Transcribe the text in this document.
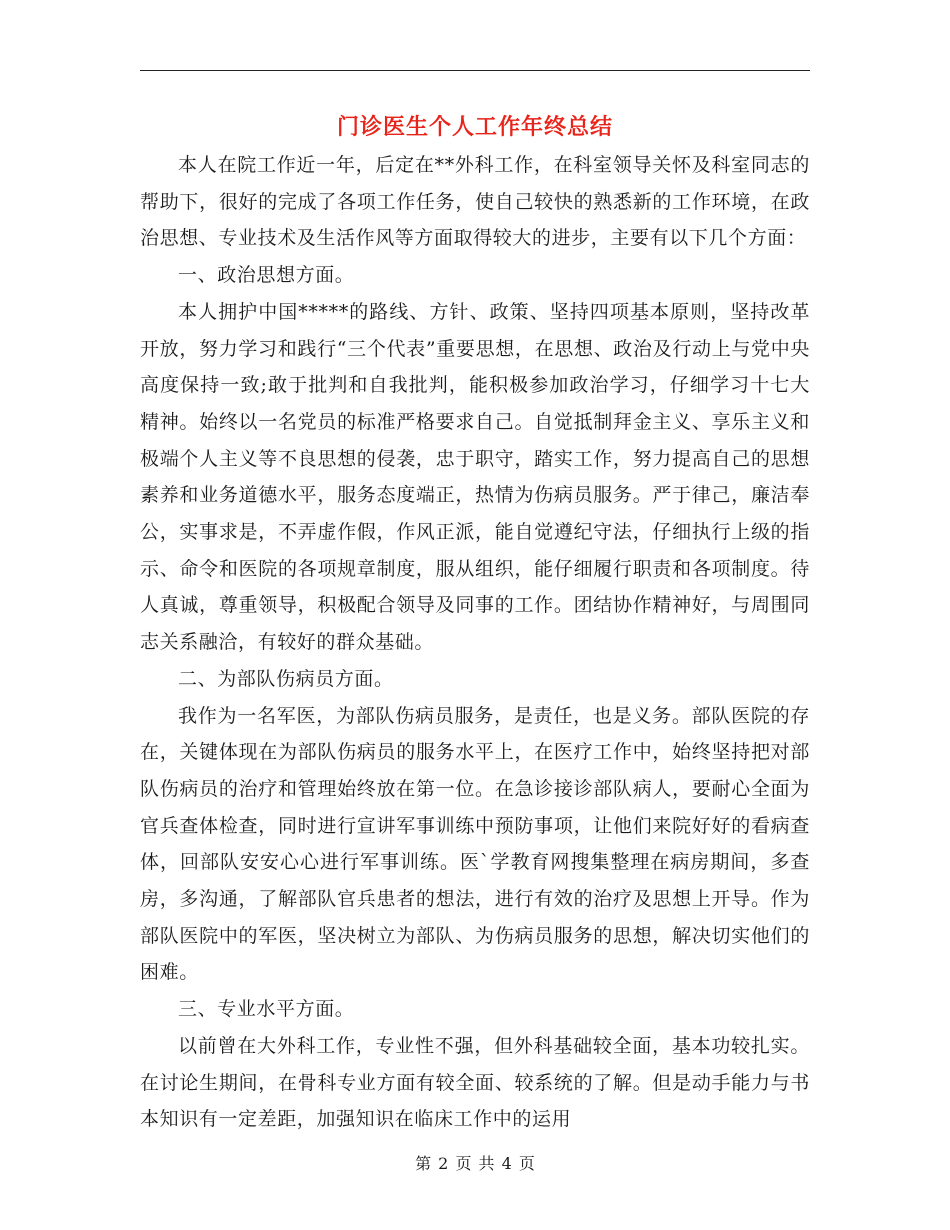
门诊医生个人工作年终总结

本人在院工作近一年，后定在**外科工作，在科室领导关怀及科室同志的帮助下，很好的完成了各项工作任务，使自己较快的熟悉新的工作环境，在政治思想、专业技术及生活作风等方面取得较大的进步，主要有以下几个方面：

一、政治思想方面。

本人拥护中国*****的路线、方针、政策、坚持四项基本原则，坚持改革开放，努力学习和践行“三个代表”重要思想，在思想、政治及行动上与党中央高度保持一致;敢于批判和自我批判，能积极参加政治学习，仔细学习十七大精神。始终以一名党员的标准严格要求自己。自觉抵制拜金主义、享乐主义和极端个人主义等不良思想的侵袭，忠于职守，踏实工作，努力提高自己的思想素养和业务道德水平，服务态度端正，热情为伤病员服务。严于律己，廉洁奉公，实事求是，不弄虚作假，作风正派，能自觉遵纪守法，仔细执行上级的指示、命令和医院的各项规章制度，服从组织，能仔细履行职责和各项制度。待人真诚，尊重领导，积极配合领导及同事的工作。团结协作精神好，与周围同志关系融洽，有较好的群众基础。

二、为部队伤病员方面。

我作为一名军医，为部队伤病员服务，是责任，也是义务。部队医院的存在，关键体现在为部队伤病员的服务水平上，在医疗工作中，始终坚持把对部队伤病员的治疗和管理始终放在第一位。在急诊接诊部队病人，要耐心全面为官兵查体检查，同时进行宣讲军事训练中预防事项，让他们来院好好的看病查体，回部队安安心心进行军事训练。医`学教育网搜集整理在病房期间，多查房，多沟通，了解部队官兵患者的想法，进行有效的治疗及思想上开导。作为部队医院中的军医，坚决树立为部队、为伤病员服务的思想，解决切实他们的困难。

三、专业水平方面。

以前曾在大外科工作，专业性不强，但外科基础较全面，基本功较扎实。在讨论生期间，在骨科专业方面有较全面、较系统的了解。但是动手能力与书本知识有一定差距，加强知识在临床工作中的运用

第 2 页 共 4 页
